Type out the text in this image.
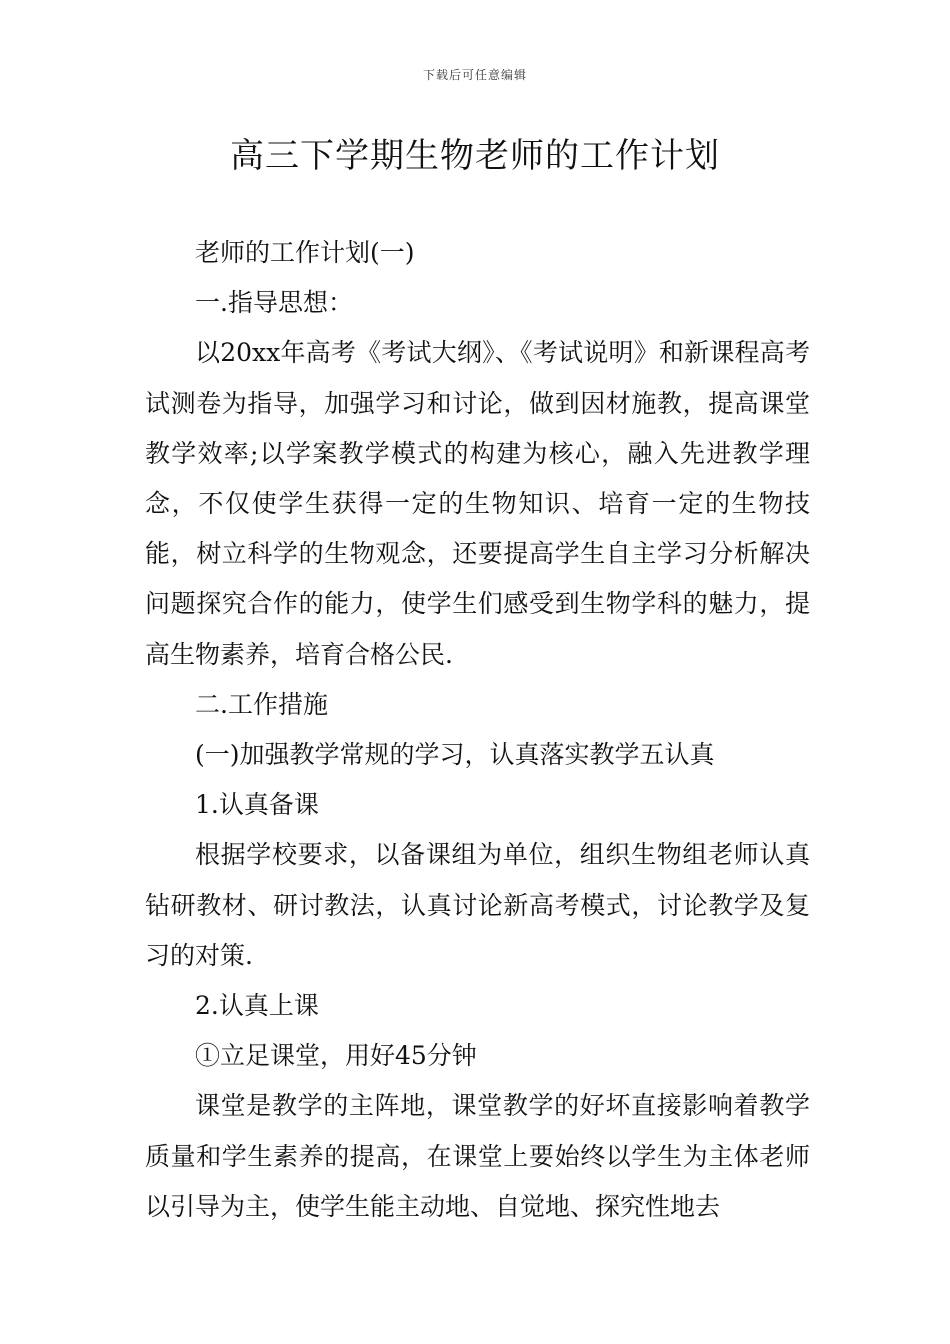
下载后可任意编辑
高三下学期生物老师的工作计划

老师的工作计划(一)

一.指导思想：

以20xx年高考《考试大纲》、《考试说明》和新课程高考试测卷为指导，加强学习和讨论，做到因材施教，提高课堂教学效率;以学案教学模式的构建为核心，融入先进教学理念，不仅使学生获得一定的生物知识、培育一定的生物技能，树立科学的生物观念，还要提高学生自主学习分析解决问题探究合作的能力，使学生们感受到生物学科的魅力，提高生物素养，培育合格公民.

二.工作措施

(一)加强教学常规的学习，认真落实教学五认真

1.认真备课

根据学校要求，以备课组为单位，组织生物组老师认真钻研教材、研讨教法，认真讨论新高考模式，讨论教学及复习的对策.

2.认真上课

①立足课堂，用好45分钟

课堂是教学的主阵地，课堂教学的好坏直接影响着教学质量和学生素养的提高，在课堂上要始终以学生为主体老师以引导为主，使学生能主动地、自觉地、探究性地去
